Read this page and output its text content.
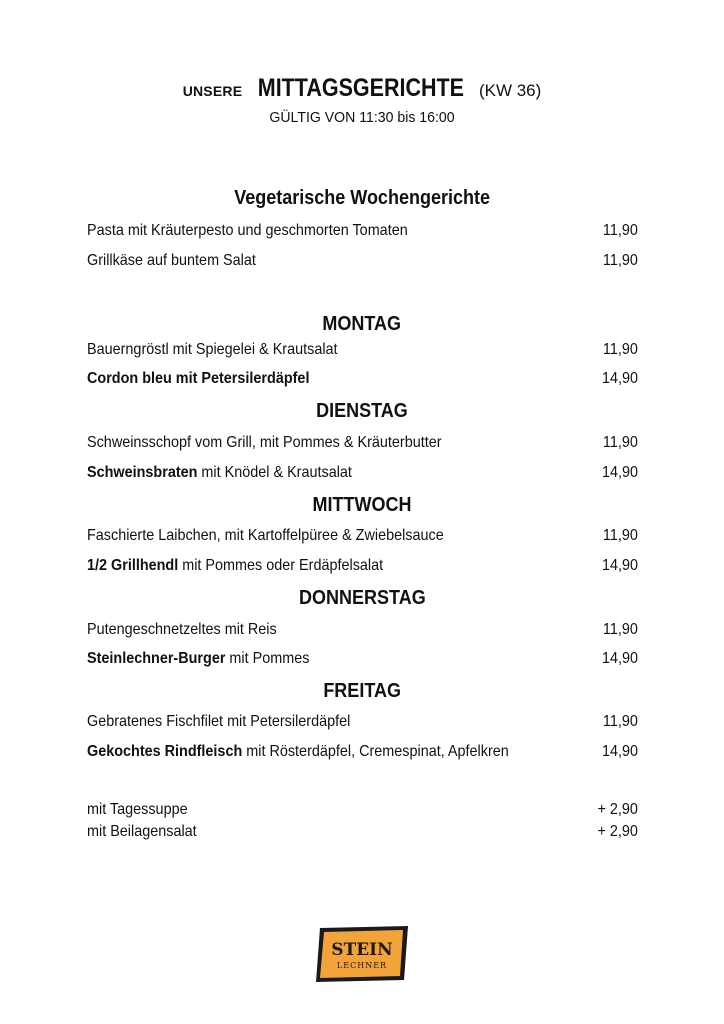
UNSERE MITTAGSGERICHTE (KW 36)
GÜLTIG VON 11:30 bis 16:00
Vegetarische Wochengerichte
Pasta mit Kräuterpesto und geschmorten Tomaten	11,90
Grillkäse auf buntem Salat	11,90
MONTAG
Bauerngröstl mit Spiegelei & Krautsalat	11,90
Cordon bleu mit Petersilerdäpfel	14,90
DIENSTAG
Schweinsschopf vom Grill, mit Pommes & Kräuterbutter	11,90
Schweinsbraten mit Knödel & Krautsalat	14,90
MITTWOCH
Faschierte Laibchen, mit Kartoffelpüree & Zwiebelsauce	11,90
1/2 Grillhendl mit Pommes oder Erdäpfelsalat	14,90
DONNERSTAG
Putengeschnetzeltes mit Reis	11,90
Steinlechner-Burger mit Pommes	14,90
FREITAG
Gebratenes Fischfilet mit Petersilerdäpfel	11,90
Gekochtes Rindfleisch mit Rösterdäpfel, Cremespinat, Apfelkren	14,90
mit Tagessuppe	+ 2,90
mit Beilagensalat	+ 2,90
STEIN
LECHNER
